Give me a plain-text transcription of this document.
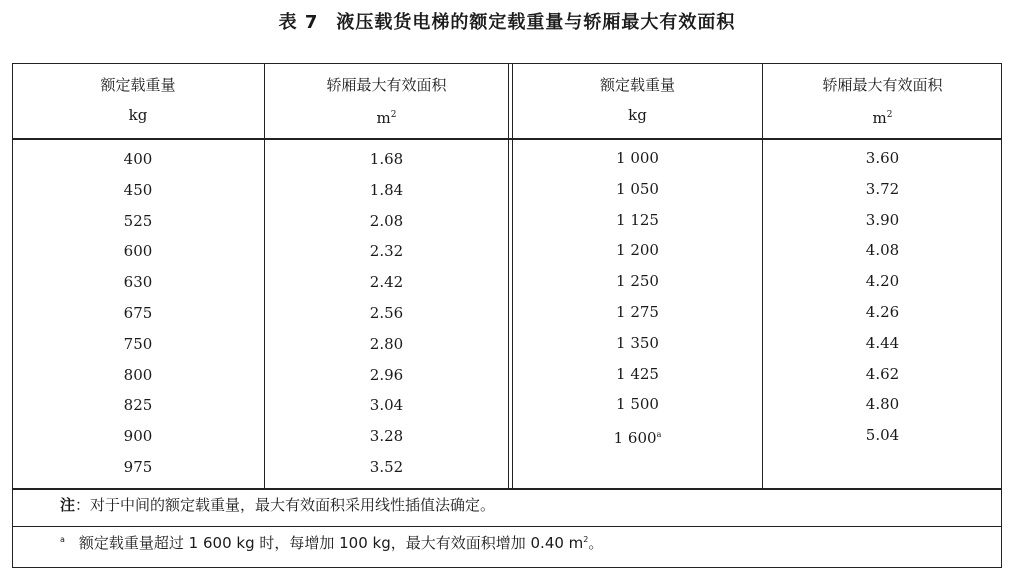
表 7 液压载货电梯的额定载重量与轿厢最大有效面积
额定载重量
kg
轿厢最大有效面积
$m^2$
额定载重量
kg
轿厢最大有效面积
$m^2$
400
450
525
600
630
675
750
800
825
900
975
1.68
1.84
2.08
2.32
2.42
2.56
2.80
2.96
3.04
3.28
3.52
1 000
1 050
1 125
1 200
1 250
1 275
1 350
1 425
1 500
1 600$^a$
3.60
3.72
3.90
4.08
4.20
4.26
4.44
4.62
4.80
5.04
注：对于中间的额定载重量，最大有效面积采用线性插值法确定。
$^a$ 额定载重量超过 1 600 kg 时，每增加 100 kg，最大有效面积增加 0.40 $m^2$。
